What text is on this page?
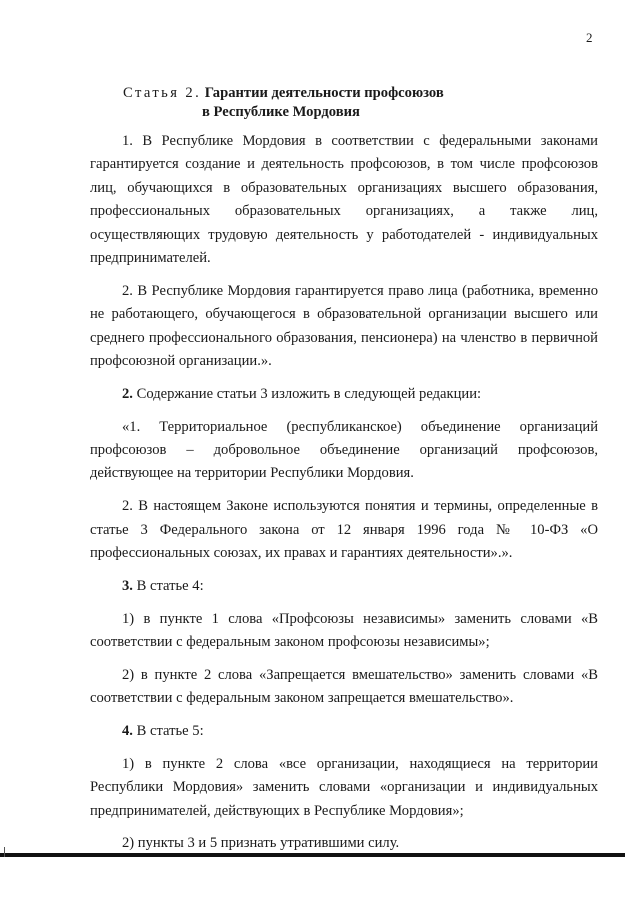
2
Статья 2. Гарантии деятельности профсоюзов
в Республике Мордовия

1. В Республике Мордовия в соответствии с федеральными законами гарантируется создание и деятельность профсоюзов, в том числе профсоюзов лиц, обучающихся в образовательных организациях высшего образования, профессиональных образовательных организациях, а также лиц, осуществляющих трудовую деятельность у работодателей - индивидуальных предпринимателей.

2. В Республике Мордовия гарантируется право лица (работника, временно не работающего, обучающегося в образовательной организации высшего или среднего профессионального образования, пенсионера) на членство в первичной профсоюзной организации.».

2. Содержание статьи 3 изложить в следующей редакции:

«1. Территориальное (республиканское) объединение организаций профсоюзов – добровольное объединение организаций профсоюзов, действующее на территории Республики Мордовия.

2. В настоящем Законе используются понятия и термины, определенные в статье 3 Федерального закона от 12 января 1996 года № 10-ФЗ «О профессиональных союзах, их правах и гарантиях деятельности».».

3. В статье 4:

1) в пункте 1 слова «Профсоюзы независимы» заменить словами «В соответствии с федеральным законом профсоюзы независимы»;

2) в пункте 2 слова «Запрещается вмешательство» заменить словами «В соответствии с федеральным законом запрещается вмешательство».

4. В статье 5:

1) в пункте 2 слова «все организации, находящиеся на территории Республики Мордовия» заменить словами «организации и индивидуальных предпринимателей, действующих в Республике Мордовия»;

2) пункты 3 и 5 признать утратившими силу.
